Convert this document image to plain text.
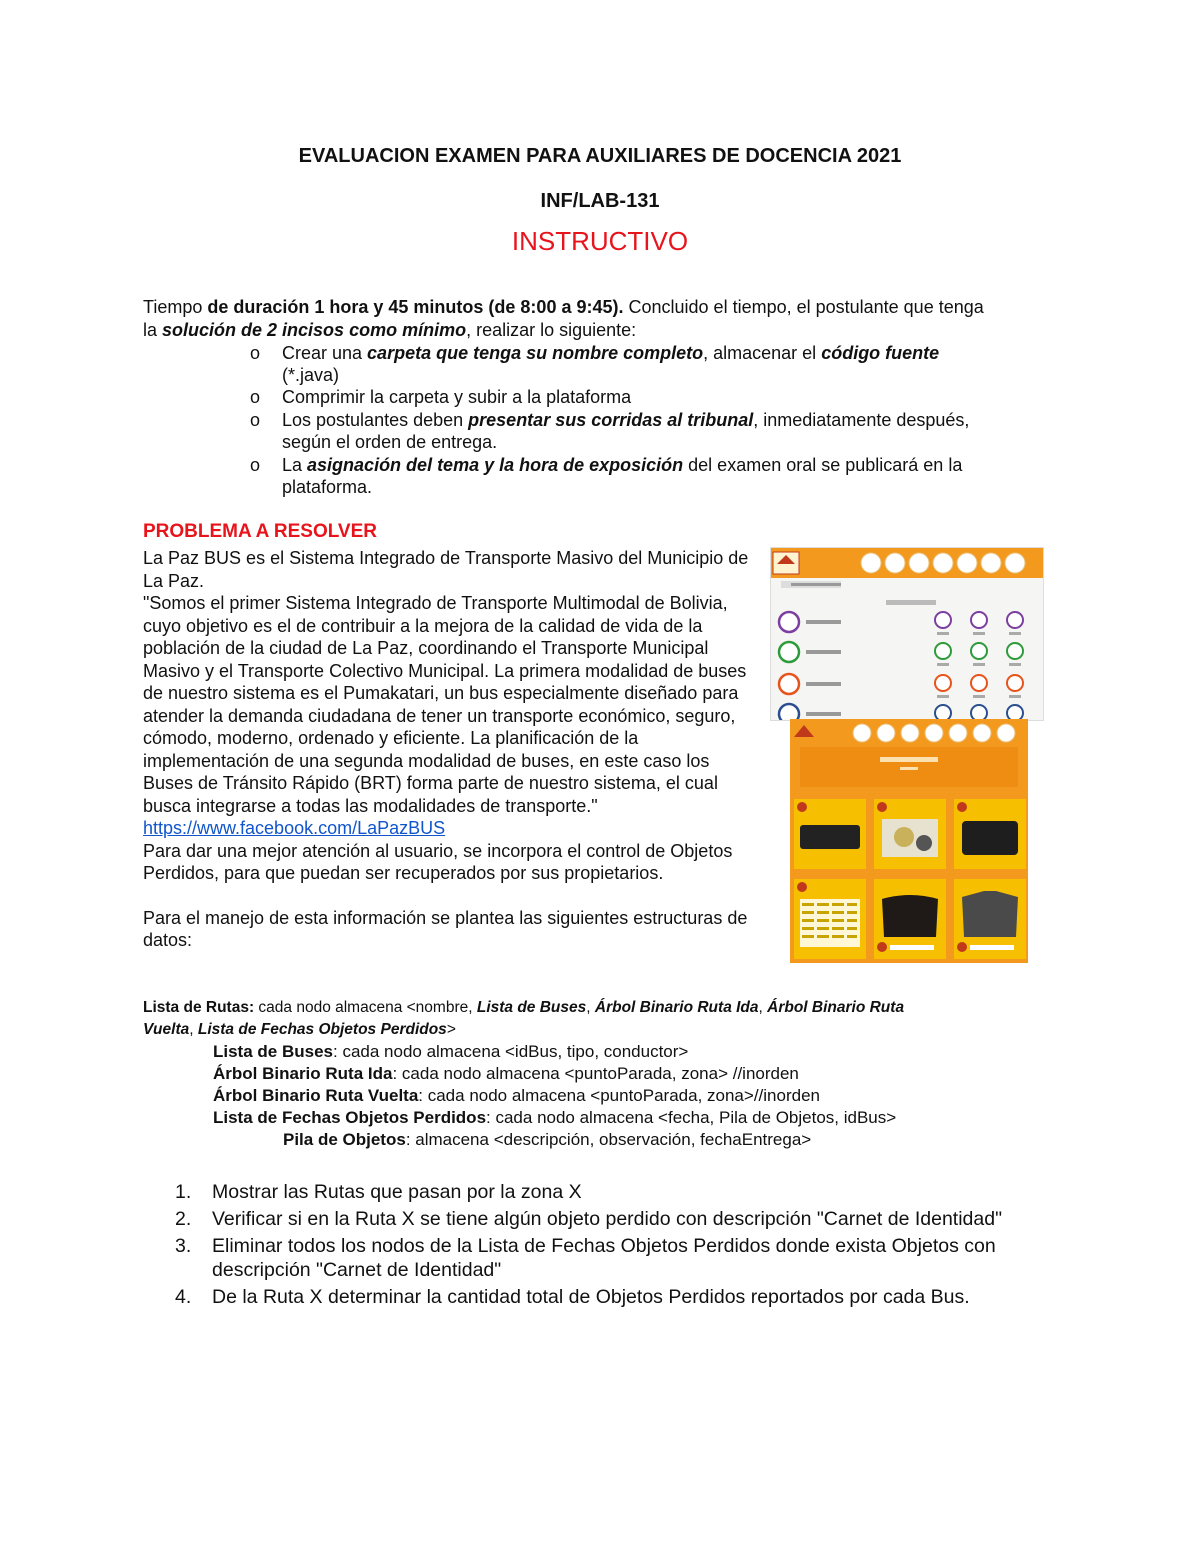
EVALUACION EXAMEN PARA AUXILIARES DE DOCENCIA 2021
INF/LAB-131
INSTRUCTIVO
Tiempo de duración 1 hora y 45 minutos (de 8:00 a 9:45). Concluido el tiempo, el postulante que tenga
la solución de 2 incisos como mínimo, realizar lo siguiente:
o Crear una carpeta que tenga su nombre completo, almacenar el código fuente
(*.java)
o Comprimir la carpeta y subir a la plataforma
o Los postulantes deben presentar sus corridas al tribunal, inmediatamente después,
según el orden de entrega.
o La asignación del tema y la hora de exposición del examen oral se publicará en la
plataforma.
PROBLEMA A RESOLVER

La Paz BUS es el Sistema Integrado de Transporte Masivo del Municipio de La Paz.

"Somos el primer Sistema Integrado de Transporte Multimodal de Bolivia, cuyo objetivo es el de contribuir a la mejora de la calidad de vida de la población de la ciudad de La Paz, coordinando el Transporte Municipal Masivo y el Transporte Colectivo Municipal. La primera modalidad de buses de nuestro sistema es el Pumakatari, un bus especialmente diseñado para atender la demanda ciudadana de tener un transporte económico, seguro, cómodo, moderno, ordenado y eficiente. La planificación de la implementación de una segunda modalidad de buses, en este caso los Buses de Tránsito Rápido (BRT) forma parte de nuestro sistema, el cual busca integrarse a todas las modalidades de transporte." https://www.facebook.com/LaPazBUS

Para dar una mejor atención al usuario, se incorpora el control de Objetos Perdidos, para que puedan ser recuperados por sus propietarios.

Para el manejo de esta información se plantea las siguientes estructuras de datos:

Lista de Rutas: cada nodo almacena <nombre, Lista de Buses, Árbol Binario Ruta Ida, Árbol Binario Ruta
Vuelta, Lista de Fechas Objetos Perdidos>
Lista de Buses: cada nodo almacena <idBus, tipo, conductor>
Árbol Binario Ruta Ida: cada nodo almacena <puntoParada, zona> //inorden
Árbol Binario Ruta Vuelta: cada nodo almacena <puntoParada, zona>//inorden
Lista de Fechas Objetos Perdidos: cada nodo almacena <fecha, Pila de Objetos, idBus>
Pila de Objetos: almacena <descripción, observación, fechaEntrega>
1. Mostrar las Rutas que pasan por la zona X
2. Verificar si en la Ruta X se tiene algún objeto perdido con descripción "Carnet de Identidad"
3. Eliminar todos los nodos de la Lista de Fechas Objetos Perdidos donde exista Objetos con descripción "Carnet de Identidad"
4. De la Ruta X determinar la cantidad total de Objetos Perdidos reportados por cada Bus.
